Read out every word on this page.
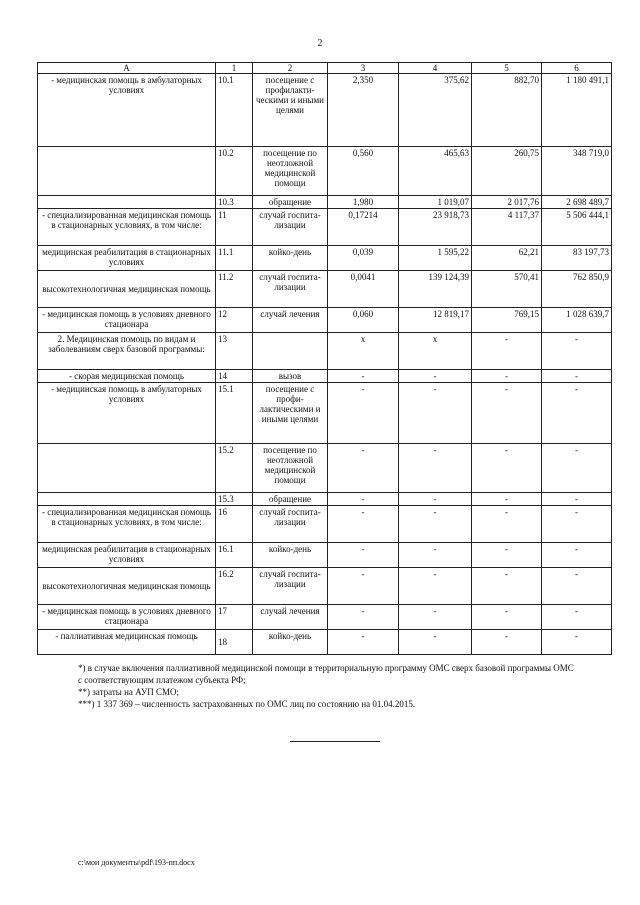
2
А	1	2	3	4	5	6
- медицинская помощь в амбулаторных условиях	10.1	посещение с профилакти-ческими и иными целями	2,350	375,62	882,70	1 180 491,1
	10.2	посещение по неотложной медицинской помощи	0,560	465,63	260,75	348 719,0
	10.3	обращение	1,980	1 019,07	2 017,76	2 698 489,7
- специализированная медицинская помощь в стационарных условиях, в том числе:	11	случай госпита-лизации	0,17214	23 918,73	4 117,37	5 506 444,1
медицинская реабилитация в стационарных условиях	11.1	койко-день	0,039	1 595,22	62,21	83 197,73
высокотехнологичная медицинская помощь	11.2	случай госпита-лизации	0,0041	139 124,39	570,41	762 850,9
- медицинская помощь в условиях дневного стационара	12	случай лечения	0,060	12 819,17	769,15	1 028 639,7
2. Медицинская помощь по видам и заболеваниям сверх базовой программы:	13		x	x	-	-
- скорая медицинская помощь	14	вызов	-	-	-	-
- медицинская помощь в амбулаторных условиях	15.1	посещение с профи-лактическими и иными целями	-	-	-	-
	15.2	посещение по неотложной медицинской помощи	-	-	-	-
	15.3	обращение	-	-	-	-
- специализированная медицинская помощь в стационарных условиях, в том числе:	16	случай госпита-лизации	-	-	-	-
медицинская реабилитация в стационарных условиях	16.1	койко-день	-	-	-	-
высокотехнологичная медицинская помощь	16.2	случай госпита-лизации	-	-	-	-
- медицинская помощь в условиях дневного стационара	17	случай лечения	-	-	-	-
- паллиативная медицинская помощь	18	койко-день	-	-	-	-
*) в случае включения паллиативной медицинской помощи в территориальную программу ОМС сверх базовой программы ОМС с соответствующим платежом субъекта РФ;
**) затраты на АУП СМО;
***) 1 337 369 – численность застрахованных по ОМС лиц по состоянию на 01.04.2015.
c:\мои документы\pdf\193-пп.docx
